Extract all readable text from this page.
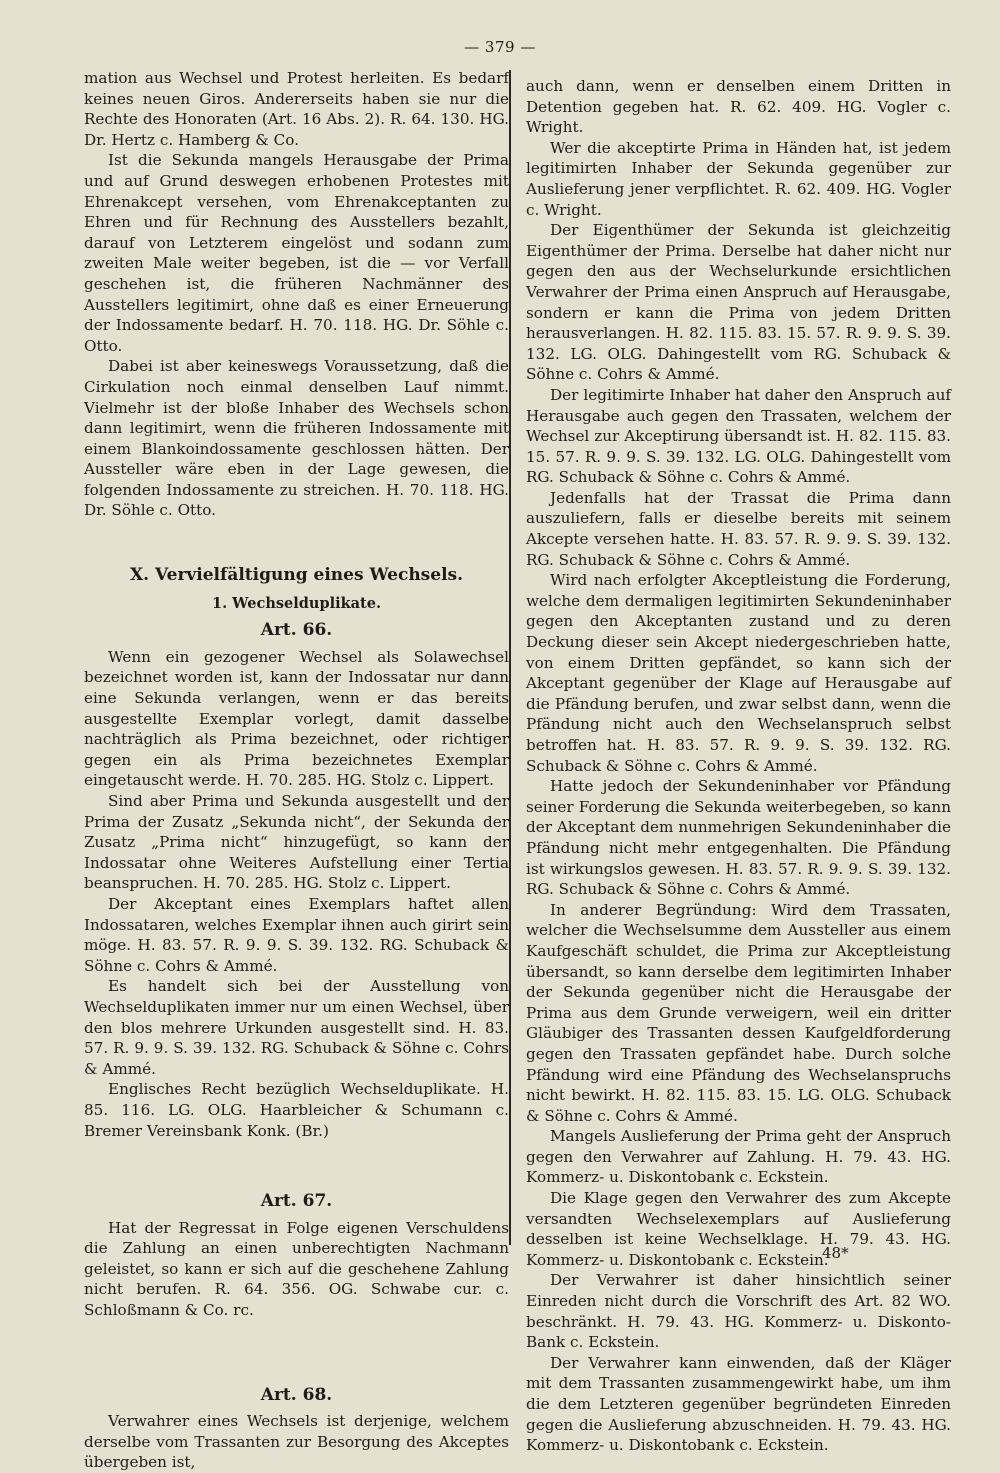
— 379 —

mation aus Wechsel und Protest herleiten. Es bedarf keines neuen Giros. Andererseits haben sie nur die Rechte des Honoraten (Art. 16 Abs. 2). R. 64. 130. HG. Dr. Hertz c. Hamberg & Co.

Ist die Sekunda mangels Herausgabe der Prima und auf Grund deswegen erhobenen Protestes mit Ehrenakcept versehen, vom Ehrenakceptanten zu Ehren und für Rechnung des Ausstellers bezahlt, darauf von Letzterem eingelöst und sodann zum zweiten Male weiter begeben, ist die — vor Verfall geschehen ist, die früheren Nachmänner des Ausstellers legitimirt, ohne daß es einer Erneuerung der Indossamente bedarf. H. 70. 118. HG. Dr. Söhle c. Otto.

Dabei ist aber keineswegs Voraussetzung, daß die Cirkulation noch einmal denselben Lauf nimmt. Vielmehr ist der bloße Inhaber des Wechsels schon dann legitimirt, wenn die früheren Indossamente mit einem Blankoindossamente geschlossen hätten. Der Aussteller wäre eben in der Lage gewesen, die folgenden Indossamente zu streichen. H. 70. 118. HG. Dr. Söhle c. Otto.

X. Vervielfältigung eines Wechsels.
1. Wechselduplikate.
Art. 66.

Wenn ein gezogener Wechsel als Solawechsel bezeichnet worden ist, kann der Indossatar nur dann eine Sekunda verlangen, wenn er das bereits ausgestellte Exemplar vorlegt, damit dasselbe nachträglich als Prima bezeichnet, oder richtiger gegen ein als Prima bezeichnetes Exemplar eingetauscht werde. H. 70. 285. HG. Stolz c. Lippert.

Sind aber Prima und Sekunda ausgestellt und der Prima der Zusatz „Sekunda nicht“, der Sekunda der Zusatz „Prima nicht“ hinzugefügt, so kann der Indossatar ohne Weiteres Aufstellung einer Tertia beanspruchen. H. 70. 285. HG. Stolz c. Lippert.

Der Akceptant eines Exemplars haftet allen Indossataren, welches Exemplar ihnen auch girirt sein möge. H. 83. 57. R. 9. 9. S. 39. 132. RG. Schuback & Söhne c. Cohrs & Ammé.

Es handelt sich bei der Ausstellung von Wechselduplikaten immer nur um einen Wechsel, über den blos mehrere Urkunden ausgestellt sind. H. 83. 57. R. 9. 9. S. 39. 132. RG. Schuback & Söhne c. Cohrs & Ammé.

Englisches Recht bezüglich Wechselduplikate. H. 85. 116. LG. OLG. Haarbleicher & Schumann c. Bremer Vereinsbank Konk. (Br.)

Art. 67.

Hat der Regressat in Folge eigenen Verschuldens die Zahlung an einen unberechtigten Nachmann geleistet, so kann er sich auf die geschehene Zahlung nicht berufen. R. 64. 356. OG. Schwabe cur. c. Schloßmann & Co. rc.

Art. 68.

Verwahrer eines Wechsels ist derjenige, welchem derselbe vom Trassanten zur Besorgung des Akceptes übergeben ist,

auch dann, wenn er denselben einem Dritten in Detention gegeben hat. R. 62. 409. HG. Vogler c. Wright.

Wer die akceptirte Prima in Händen hat, ist jedem legitimirten Inhaber der Sekunda gegenüber zur Auslieferung jener verpflichtet. R. 62. 409. HG. Vogler c. Wright.

Der Eigenthümer der Sekunda ist gleichzeitig Eigenthümer der Prima. Derselbe hat daher nicht nur gegen den aus der Wechselurkunde ersichtlichen Verwahrer der Prima einen Anspruch auf Herausgabe, sondern er kann die Prima von jedem Dritten herausverlangen. H. 82. 115. 83. 15. 57. R. 9. 9. S. 39. 132. LG. OLG. Dahingestellt vom RG. Schuback & Söhne c. Cohrs & Ammé.

Der legitimirte Inhaber hat daher den Anspruch auf Herausgabe auch gegen den Trassaten, welchem der Wechsel zur Akceptirung übersandt ist. H. 82. 115. 83. 15. 57. R. 9. 9. S. 39. 132. LG. OLG. Dahingestellt vom RG. Schuback & Söhne c. Cohrs & Ammé.

Jedenfalls hat der Trassat die Prima dann auszuliefern, falls er dieselbe bereits mit seinem Akcepte versehen hatte. H. 83. 57. R. 9. 9. S. 39. 132. RG. Schuback & Söhne c. Cohrs & Ammé.

Wird nach erfolgter Akceptleistung die Forderung, welche dem dermaligen legitimirten Sekundeninhaber gegen den Akceptanten zustand und zu deren Deckung dieser sein Akcept niedergeschrieben hatte, von einem Dritten gepfändet, so kann sich der Akceptant gegenüber der Klage auf Herausgabe auf die Pfändung berufen, und zwar selbst dann, wenn die Pfändung nicht auch den Wechselanspruch selbst betroffen hat. H. 83. 57. R. 9. 9. S. 39. 132. RG. Schuback & Söhne c. Cohrs & Ammé.

Hatte jedoch der Sekundeninhaber vor Pfändung seiner Forderung die Sekunda weiterbegeben, so kann der Akceptant dem nunmehrigen Sekundeninhaber die Pfändung nicht mehr entgegenhalten. Die Pfändung ist wirkungslos gewesen. H. 83. 57. R. 9. 9. S. 39. 132. RG. Schuback & Söhne c. Cohrs & Ammé.

In anderer Begründung: Wird dem Trassaten, welcher die Wechselsumme dem Aussteller aus einem Kaufgeschäft schuldet, die Prima zur Akceptleistung übersandt, so kann derselbe dem legitimirten Inhaber der Sekunda gegenüber nicht die Herausgabe der Prima aus dem Grunde verweigern, weil ein dritter Gläubiger des Trassanten dessen Kaufgeldforderung gegen den Trassaten gepfändet habe. Durch solche Pfändung wird eine Pfändung des Wechselanspruchs nicht bewirkt. H. 82. 115. 83. 15. LG. OLG. Schuback & Söhne c. Cohrs & Ammé.

Mangels Auslieferung der Prima geht der Anspruch gegen den Verwahrer auf Zahlung. H. 79. 43. HG. Kommerz- u. Diskontobank c. Eckstein.

Die Klage gegen den Verwahrer des zum Akcepte versandten Wechselexemplars auf Auslieferung desselben ist keine Wechselklage. H. 79. 43. HG. Kommerz- u. Diskontobank c. Eckstein.

Der Verwahrer ist daher hinsichtlich seiner Einreden nicht durch die Vorschrift des Art. 82 WO. beschränkt. H. 79. 43. HG. Kommerz- u. Diskonto-Bank c. Eckstein.

Der Verwahrer kann einwenden, daß der Kläger mit dem Trassanten zusammengewirkt habe, um ihm die dem Letzteren gegenüber begründeten Einreden gegen die Auslieferung abzuschneiden. H. 79. 43. HG. Kommerz- u. Diskontobank c. Eckstein.

48*
